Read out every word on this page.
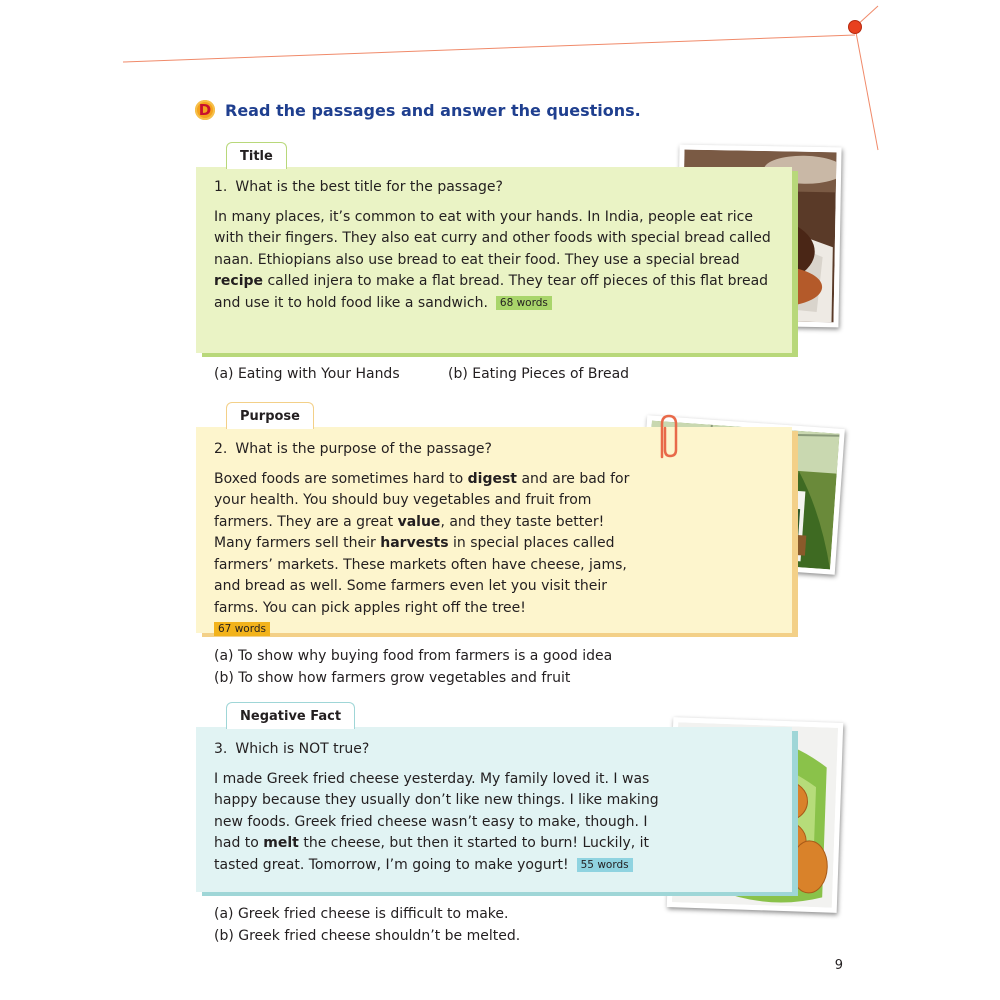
D Read the passages and answer the questions.
Title
1. What is the best title for the passage?
In many places, it’s common to eat with your hands. In India, people eat rice with their fingers. They also eat curry and other foods with special bread called naan. Ethiopians also use bread to eat their food. They use a special bread recipe called injera to make a flat bread. They tear off pieces of this flat bread and use it to hold food like a sandwich. 68 words
(a) Eating with Your Hands	(b) Eating Pieces of Bread
Purpose
2. What is the purpose of the passage?
Boxed foods are sometimes hard to digest and are bad for your health. You should buy vegetables and fruit from farmers. They are a great value, and they taste better! Many farmers sell their harvests in special places called farmers’ markets. These markets often have cheese, jams, and bread as well. Some farmers even let you visit their farms. You can pick apples right off the tree!
67 words
(a) To show why buying food from farmers is a good idea
(b) To show how farmers grow vegetables and fruit
Negative Fact
3. Which is NOT true?
I made Greek fried cheese yesterday. My family loved it. I was happy because they usually don’t like new things. I like making new foods. Greek fried cheese wasn’t easy to make, though. I had to melt the cheese, but then it started to burn! Luckily, it tasted great. Tomorrow, I’m going to make yogurt! 55 words
(a) Greek fried cheese is difficult to make.
(b) Greek fried cheese shouldn’t be melted.
9
